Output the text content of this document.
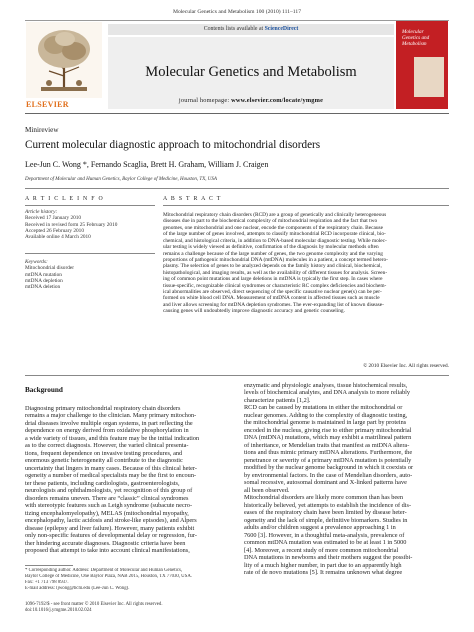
Molecular Genetics and Metabolism 100 (2010) 111–117
ELSEVIER
Contents lists available at ScienceDirect
Molecular Genetics and Metabolism
journal homepage: www.elsevier.com/locate/ymgme
Molecular Genetics and Metabolism
Minireview
Current molecular diagnostic approach to mitochondrial disorders
Lee-Jun C. Wong *, Fernando Scaglia, Brett H. Graham, William J. Craigen
Department of Molecular and Human Genetics, Baylor College of Medicine, Houston, TX, USA
A R T I C L E I N F O
Article history:
Received 17 January 2010
Received in revised form 25 February 2010
Accepted 26 February 2010
Available online 4 March 2010
Keywords:
Mitochondrial disorder
mtDNA mutation
mtDNA depletion
mtDNA deletion
A B S T R A C T
Mitochondrial respiratory chain disorders (RCD) are a group of genetically and clinically heterogeneous
diseases due in part to the biochemical complexity of mitochondrial respiration and the fact that two
genomes, one mitochondrial and one nuclear, encode the components of the respiratory chain. Because
of the large number of genes involved, attempts to classify mitochondrial RCD incorporate clinical, bio-
chemical, and histological criteria, in addition to DNA-based molecular diagnostic testing. While molec-
ular testing is widely viewed as definitive, confirmation of the diagnosis by molecular methods often
remains a challenge because of the large number of genes, the two genome complexity and the varying
proportions of pathogenic mitochondrial DNA (mtDNA) molecules in a patient, a concept termed hetero-
plasmy. The selection of genes to be analyzed depends on the family history and clinical, biochemical,
histopathological, and imaging results, as well as the availability of different tissues for analysis. Screen-
ing of common point mutations and large deletions in mtDNA is typically the first step. In cases where
tissue-specific, recognizable clinical syndromes or characteristic RC complex deficiencies and biochem-
ical abnormalities are observed, direct sequencing of the specific causative nuclear gene(s) can be per-
formed on white blood cell DNA. Measurement of mtDNA content in affected tissues such as muscle
and liver allows screening for mtDNA depletion syndromes. The ever-expanding list of known disease-
causing genes will undoubtedly improve diagnostic accuracy and genetic counseling.
© 2010 Elsevier Inc. All rights reserved.
Background
Diagnosing primary mitochondrial respiratory chain disorders
remains a major challenge to the clinician. Many primary mitochon-
drial diseases involve multiple organ systems, in part reflecting the
dependence on energy derived from oxidative phosphorylation in
a wide variety of tissues, and this feature may be the initial indication
as to the correct diagnosis. However, the varied clinical presenta-
tions, frequent dependence on invasive testing procedures, and
enormous genetic heterogeneity all contribute to the diagnostic
uncertainty that lingers in many cases. Because of this clinical heter-
ogeneity a number of medical specialists may be the first to encoun-
ter these patients, including cardiologists, gastroenterologists,
neurologists and ophthalmologists, yet recognition of this group of
disorders remains uneven. There are “classic” clinical syndromes
with stereotypic features such as Leigh syndrome (subacute necro-
tizing encephalomyelopathy), MELAS (mitochondrial myopathy,
encephalopathy, lactic acidosis and stroke-like episodes), and Alpers
disease (epilepsy and liver failure). However, many patients exhibit
only non-specific features of developmental delay or regression, fur-
ther hindering accurate diagnoses. Diagnostic criteria have been
proposed that attempt to take into account clinical manifestations,
enzymatic and physiologic analyses, tissue histochemical results,
levels of biochemical analytes, and DNA analysis to more reliably
characterize patients [1,2].
RCD can be caused by mutations in either the mitochondrial or
nuclear genomes. Adding to the complexity of diagnostic testing,
the mitochondrial genome is maintained in large part by proteins
encoded in the nucleus, giving rise to either primary mitochondrial
DNA (mtDNA) mutations, which may exhibit a matrilineal pattern
of inheritance, or Mendelian traits that manifest as mtDNA altera-
tions and thus mimic primary mtDNA alterations. Furthermore, the
penetrance or severity of a primary mtDNA mutation is potentially
modified by the nuclear genome background in which it coexists or
by environmental factors. In the case of Mendelian disorders, auto-
somal recessive, autosomal dominant and X-linked patterns have
all been observed.
Mitochondrial disorders are likely more common than has been
historically believed, yet attempts to establish the incidence of dis-
eases of the respiratory chain have been limited by disease heter-
ogeneity and the lack of simple, definitive biomarkers. Studies in
adults and/or children suggest a prevalence approaching 1 in
7600 [3]. However, in a thoughtful meta-analysis, prevalence of
common mtDNA mutation was estimated to be at least 1 in 5000
[4]. Moreover, a recent study of more common mitochondrial
DNA mutations in newborns and their mothers suggest the possibi-
lity of a much higher number, in part due to an apparently high
rate of de novo mutations [5]. It remains unknown what degree
* Corresponding author. Address: Department of Molecular and Human Genetics,
Baylor College of Medicine, One Baylor Plaza, NAB 2015, Houston, TX 77030, USA.
Fax: +1 713 798 8937.
E-mail address: ljwong@bcm.edu (Lee-Jun C. Wong).
1096-7192/$ - see front matter © 2010 Elsevier Inc. All rights reserved.
doi:10.1016/j.ymgme.2010.02.024
